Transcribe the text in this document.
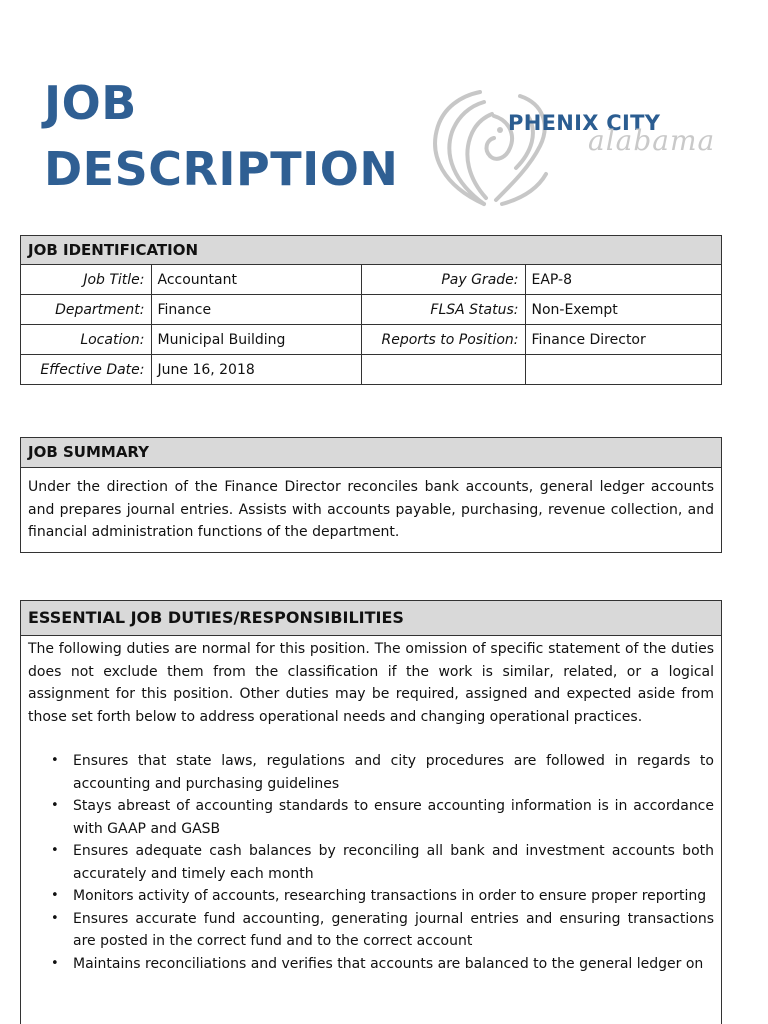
JOB
DESCRIPTION
PHENIX CITY
alabama
JOB IDENTIFICATION
Job Title:	Accountant	Pay Grade:	EAP-8
Department:	Finance	FLSA Status:	Non-Exempt
Location:	Municipal Building	Reports to Position:	Finance Director
Effective Date:	June 16, 2018		
JOB SUMMARY
Under the direction of the Finance Director reconciles bank accounts, general ledger accounts and prepares journal entries. Assists with accounts payable, purchasing, revenue collection, and financial administration functions of the department.
ESSENTIAL JOB DUTIES/RESPONSIBILITIES

The following duties are normal for this position. The omission of specific statement of the duties does not exclude them from the classification if the work is similar, related, or a logical assignment for this position. Other duties may be required, assigned and expected aside from those set forth below to address operational needs and changing operational practices.

• Ensures that state laws, regulations and city procedures are followed in regards to accounting and purchasing guidelines
• Stays abreast of accounting standards to ensure accounting information is in accordance with GAAP and GASB
• Ensures adequate cash balances by reconciling all bank and investment accounts both accurately and timely each month
• Monitors activity of accounts, researching transactions in order to ensure proper reporting
• Ensures accurate fund accounting, generating journal entries and ensuring transactions are posted in the correct fund and to the correct account
• Maintains reconciliations and verifies that accounts are balanced to the general ledger on
